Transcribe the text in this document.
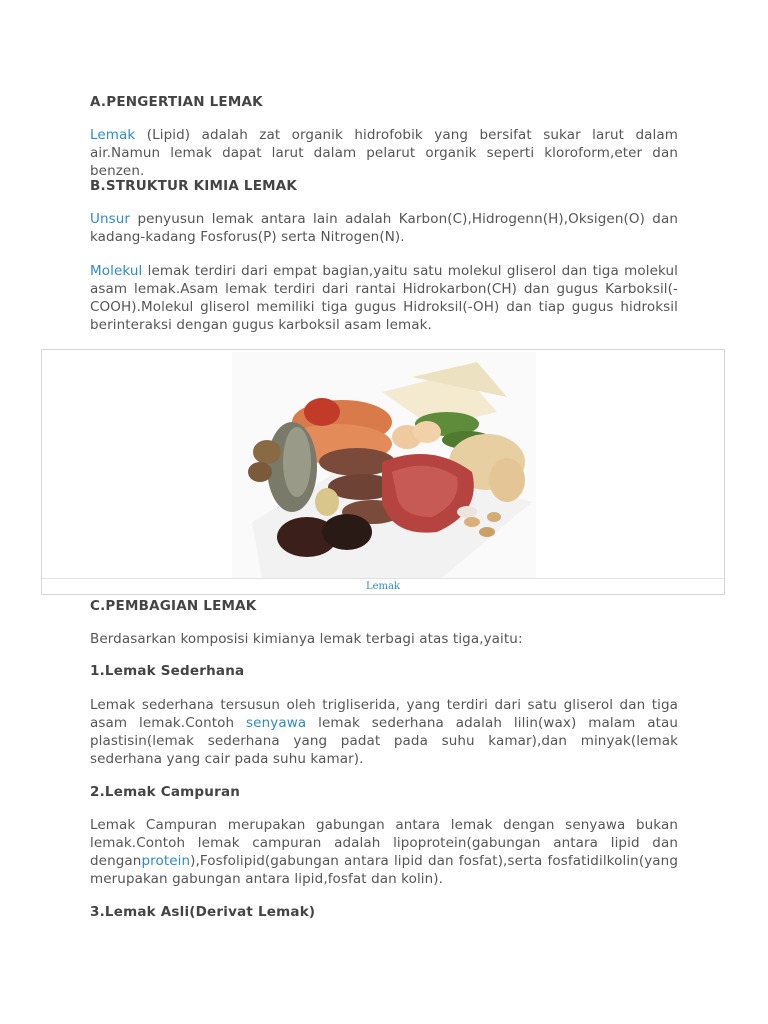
A.PENGERTIAN LEMAK

Lemak (Lipid) adalah zat organik hidrofobik yang bersifat sukar larut dalam air.Namun lemak dapat larut dalam pelarut organik seperti kloroform,eter dan benzen.

B.STRUKTUR KIMIA LEMAK

Unsur penyusun lemak antara lain adalah Karbon(C),Hidrogenn(H),Oksigen(O) dan kadang-kadang Fosforus(P) serta Nitrogen(N).

Molekul lemak terdiri dari empat bagian,yaitu satu molekul gliserol dan tiga molekul asam lemak.Asam lemak terdiri dari rantai Hidrokarbon(CH) dan gugus Karboksil(-COOH).Molekul gliserol memiliki tiga gugus Hidroksil(-OH) dan tiap gugus hidroksil berinteraksi dengan gugus karboksil asam lemak.

Lemak

C.PEMBAGIAN LEMAK

Berdasarkan komposisi kimianya lemak terbagi atas tiga,yaitu:

1.Lemak Sederhana

Lemak sederhana tersusun oleh trigliserida, yang terdiri dari satu gliserol dan tiga asam lemak.Contoh senyawa lemak sederhana adalah lilin(wax) malam atau plastisin(lemak sederhana yang padat pada suhu kamar),dan minyak(lemak sederhana yang cair pada suhu kamar).

2.Lemak Campuran

Lemak Campuran merupakan gabungan antara lemak dengan senyawa bukan lemak.Contoh lemak campuran adalah lipoprotein(gabungan antara lipid dan denganprotein),Fosfolipid(gabungan antara lipid dan fosfat),serta fosfatidilkolin(yang merupakan gabungan antara lipid,fosfat dan kolin).

3.Lemak Asli(Derivat Lemak)
